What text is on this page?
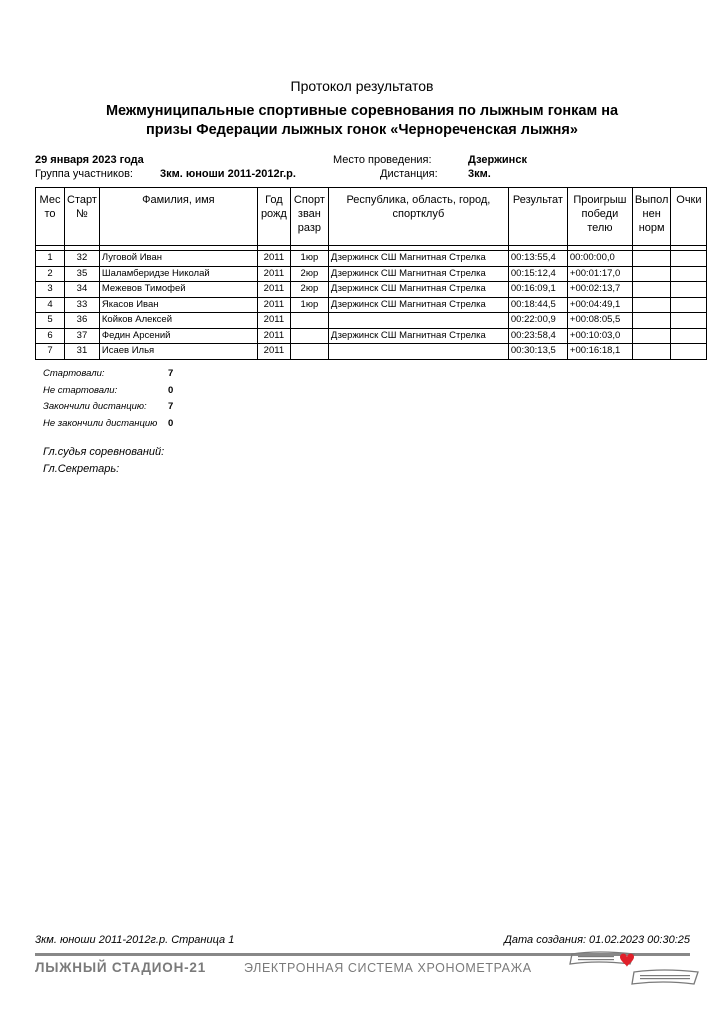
Протокол результатов
Межмуниципальные спортивные соревнования по лыжным гонкам на
призы Федерации лыжных гонок «Чернореченская лыжня»
29 января 2023 года	Место проведения:	Дзержинск
Группа участников: 3км. юноши 2011-2012г.р.	Дистанция:	3км.
Мес то	Старт №	Фамилия, имя	Год рожд	Спорт зван разр	Республика, область, город, спортклуб	Результат	Проигрыш победи телю	Выпол нен норм	Очки

1	32	Луговой Иван	2011	1юр	Дзержинск СШ Магнитная Стрелка	00:13:55,4	00:00:00,0		
2	35	Шаламберидзе Николай	2011	2юр	Дзержинск СШ Магнитная Стрелка	00:15:12,4	+00:01:17,0		
3	34	Межевов Тимофей	2011	2юр	Дзержинск СШ Магнитная Стрелка	00:16:09,1	+00:02:13,7		
4	33	Якасов Иван	2011	1юр	Дзержинск СШ Магнитная Стрелка	00:18:44,5	+00:04:49,1		
5	36	Койков Алексей	2011			00:22:00,9	+00:08:05,5		
6	37	Федин Арсений	2011		Дзержинск СШ Магнитная Стрелка	00:23:58,4	+00:10:03,0		
7	31	Исаев Илья	2011			00:30:13,5	+00:16:18,1		
Стартовали:	7
Не стартовали:	0
Закончили дистанцию: 7
Не закончили дистанцию 0
Гл.судья соревнований:
Гл.Секретарь:
3км. юноши 2011-2012г.р. Страница 1	Дата создания: 01.02.2023 00:30:25
ЛЫЖНЫЙ СТАДИОН-21	ЭЛЕКТРОННАЯ СИСТЕМА ХРОНОМЕТРАЖА
